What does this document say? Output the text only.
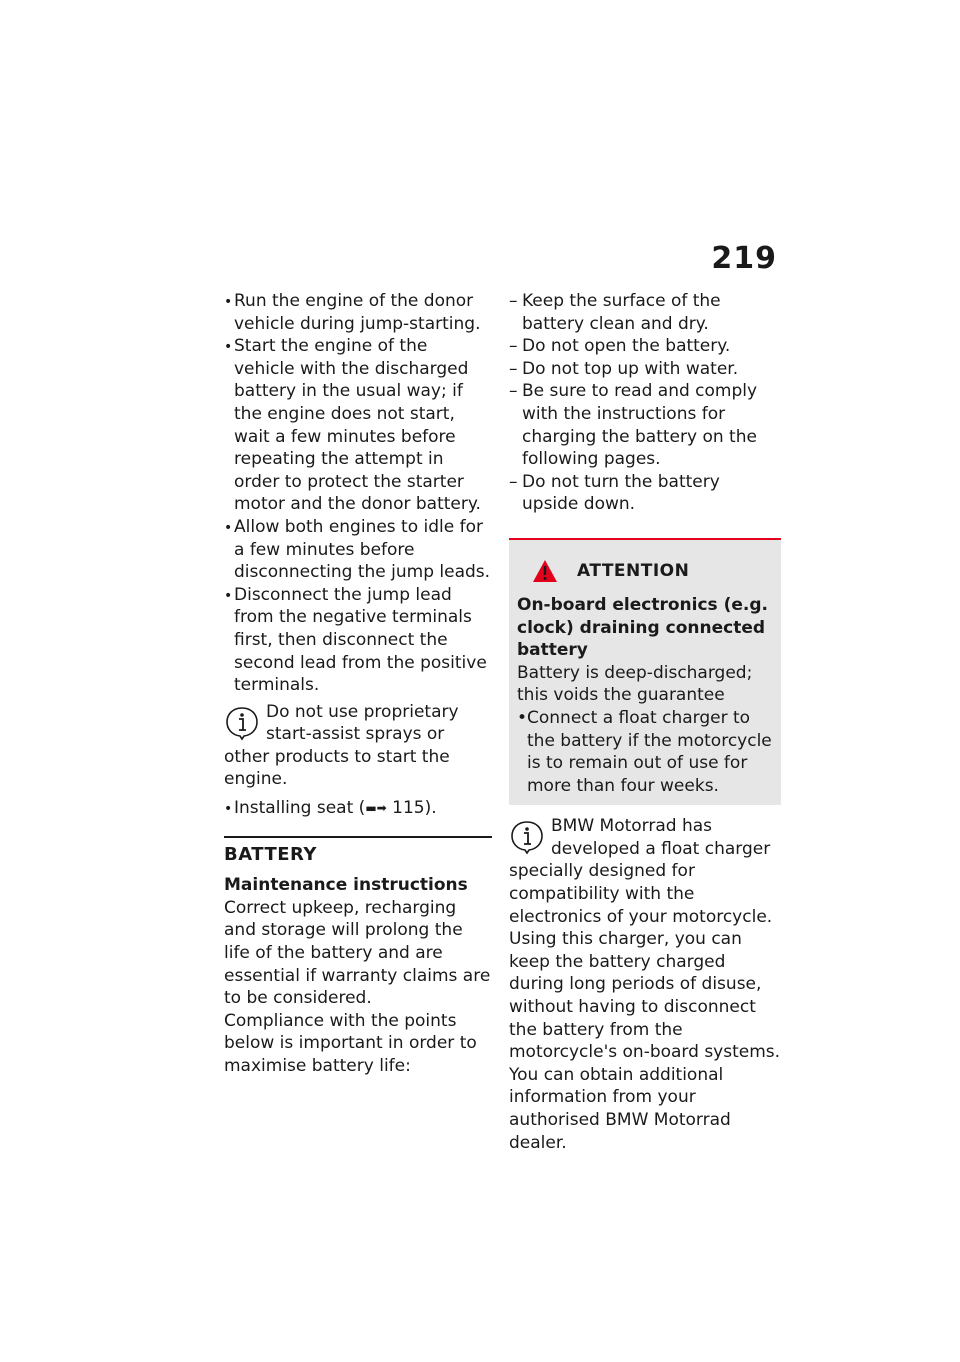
219
•
Run the engine of the donor vehicle during jump-starting.
•
Start the engine of the vehicle with the discharged battery in the usual way; if the engine does not start, wait a few minutes before repeating the attempt in order to protect the starter motor and the donor battery.
•
Allow both engines to idle for a few minutes before disconnecting the jump leads.
•
Disconnect the jump lead from the negative terminals first, then disconnect the second lead from the positive terminals.

Do not use proprietary start-assist sprays or other products to start the engine.

•
Installing seat (▬➡ 115).
BATTERY
Maintenance instructions

Correct upkeep, recharging and storage will prolong the life of the battery and are essential if warranty claims are to be considered.

Compliance with the points below is important in order to maximise battery life:

– Keep the surface of the battery clean and dry.
– Do not open the battery.
– Do not top up with water.
– Be sure to read and comply with the instructions for charging the battery on the following pages.
– Do not turn the battery upside down.
ATTENTION

On-board electronics (e.g. clock) draining connected battery

Battery is deep-discharged; this voids the guarantee

• Connect a float charger to the battery if the motorcycle is to remain out of use for more than four weeks.

BMW Motorrad has developed a float charger specially designed for compatibility with the electronics of your motorcycle. Using this charger, you can keep the battery charged during long periods of disuse, without having to disconnect the battery from the motorcycle's on-board systems. You can obtain additional information from your authorised BMW Motorrad dealer.
